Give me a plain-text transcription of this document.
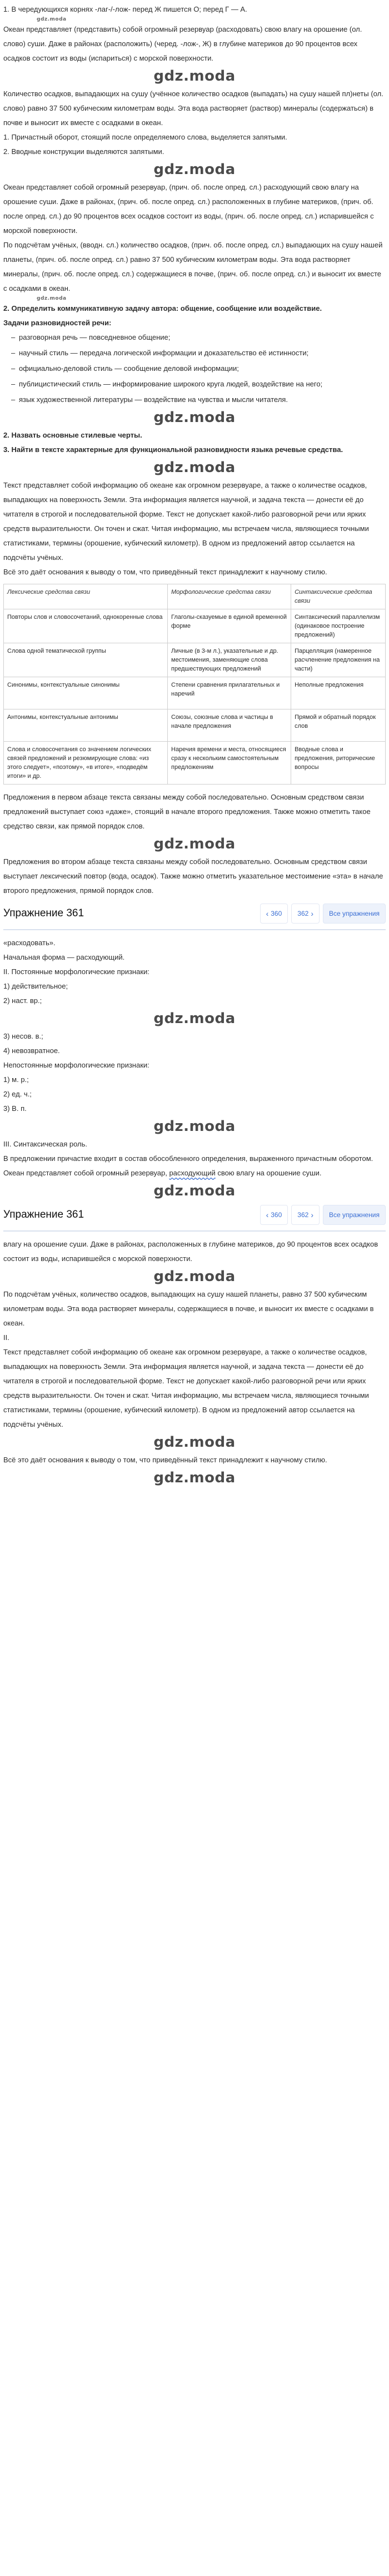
1. В чередующихся корнях -лаг-/-лож- перед Ж пишется О; перед Г — А.

gdz.moda

Океан представляет (представить) собой огромный резервуар (расходовать) свою влагу на орошение (ол. слово) суши. Даже в районах (расположить) (черед. -лож-, Ж) в глубине материков до 90 процентов всех осадков состоит из воды (испариться) с морской поверхности.

gdz.moda

Количество осадков, выпадающих на сушу (учённое количество осадков (выпадать) на сушу нашей пл)неты (ол. слово) равно 37 500 кубическим километрам воды. Эта вода растворяет (раствор) минералы (содержаться) в почве и выносит их вместе с осадками в океан.

1. Причастный оборот, стоящий после определяемого слова, выделяется запятыми.

2. Вводные конструкции выделяются запятыми.

gdz.moda

Океан представляет собой огромный резервуар, (прич. об. после опред. сл.) расходующий свою влагу на орошение суши. Даже в районах, (прич. об. после опред. сл.) расположенных в глубине материков, (прич. об. после опред. сл.) до 90 процентов всех осадков состоит из воды, (прич. об. после опред. сл.) испарившейся с морской поверхности.

По подсчётам учёных, (вводн. сл.) количество осадков, (прич. об. после опред. сл.) выпадающих на сушу нашей планеты, (прич. об. после опред. сл.) равно 37 500 кубическим километрам воды. Эта вода растворяет минералы, (прич. об. после опред. сл.) содержащиеся в почве, (прич. об. после опред. сл.) и выносит их вместе с осадками в океан.

gdz.moda

2. Определить коммуникативную задачу автора: общение, сообщение или воздействие.

Задачи разновидностей речи:

– разговорная речь — повседневное общение;
– научный стиль — передача логической информации и доказательство её истинности;
– официально-деловой стиль — сообщение деловой информации;
– публицистический стиль — информирование широкого круга людей, воздействие на него;
– язык художественной литературы — воздействие на чувства и мысли читателя.
gdz.moda

2. Назвать основные стилевые черты.

3. Найти в тексте характерные для функциональной разновидности языка речевые средства.

gdz.moda

Текст представляет собой информацию об океане как огромном резервуаре, а также о количестве осадков, выпадающих на поверхность Земли. Эта информация является научной, и задача текста — донести её до читателя в строгой и последовательной форме. Текст не допускает какой-либо разговорной речи или ярких средств выразительности. Он точен и сжат. Читая информацию, мы встречаем числа, являющиеся точными статистиками, термины (орошение, кубический километр). В одном из предложений автор ссылается на подсчёты учёных.

Всё это даёт основания к выводу о том, что приведённый текст принадлежит к научному стилю.

Лексические средства связи	Морфологические средства связи	Синтаксические средства связи
Повторы слов и словосочетаний, однокоренные слова	Глаголы-сказуемые в единой временной форме	Синтаксический параллелизм (одинаковое построение предложений)
Слова одной тематической группы	Личные (в 3-м л.), указательные и др. местоимения, заменяющие слова предшествующих предложений	Парцелляция (намеренное расчленение предложения на части)
Синонимы, контекстуальные синонимы	Степени сравнения прилагательных и наречий	Неполные предложения
Антонимы, контекстуальные антонимы	Союзы, союзные слова и частицы в начале предложения	Прямой и обратный порядок слов
Слова и словосочетания со значением логических связей предложений и резюмирующие слова: «из этого следует», «поэтому», «в итоге», «подведём итоги» и др.	Наречия времени и места, относящиеся сразу к нескольким самостоятельным предложениям	Вводные слова и предложения, риторические вопросы

Предложения в первом абзаце текста связаны между собой последовательно. Основным средством связи предложений выступает союз «даже», стоящий в начале второго предложения. Также можно отметить такое средство связи, как прямой порядок слов.

gdz.moda

Предложения во втором абзаце текста связаны между собой последовательно. Основным средством связи выступает лексический повтор (вода, осадок). Также можно отметить указательное местоимение «эта» в начале второго предложения, прямой порядок слов.

Упражнение 361	‹ 360 362 ›	Все упражнения

«расходовать».

Начальная форма — расходующий.

II. Постоянные морфологические признаки:

1) действительное;

2) наст. вр.;

gdz.moda

3) несов. в.;

4) невозвратное.

Непостоянные морфологические признаки:

1) м. р.;

2) ед. ч.;

3) В. п.

gdz.moda

III. Синтаксическая роль.

В предложении причастие входит в состав обособленного определения, выраженного причастным оборотом.

Океан представляет собой огромный резервуар, расходующий свою влагу на орошение суши.

gdz.moda
Упражнение 361	‹ 360 362 ›	Все упражнения

влагу на орошение суши. Даже в районах, расположенных в глубине материков, до 90 процентов всех осадков состоит из воды, испарившейся с морской поверхности.

gdz.moda

По подсчётам учёных, количество осадков, выпадающих на сушу нашей планеты, равно 37 500 кубическим километрам воды. Эта вода растворяет минералы, содержащиеся в почве, и выносит их вместе с осадками в океан.

II.

Текст представляет собой информацию об океане как огромном резервуаре, а также о количестве осадков, выпадающих на поверхность Земли. Эта информация является научной, и задача текста — донести её до читателя в строгой и последовательной форме. Текст не допускает какой-либо разговорной речи или ярких средств выразительности. Он точен и сжат. Читая информацию, мы встречаем числа, являющиеся точными статистиками, термины (орошение, кубический километр). В одном из предложений автор ссылается на подсчёты учёных.

gdz.moda

Всё это даёт основания к выводу о том, что приведённый текст принадлежит к научному стилю.

gdz.moda
